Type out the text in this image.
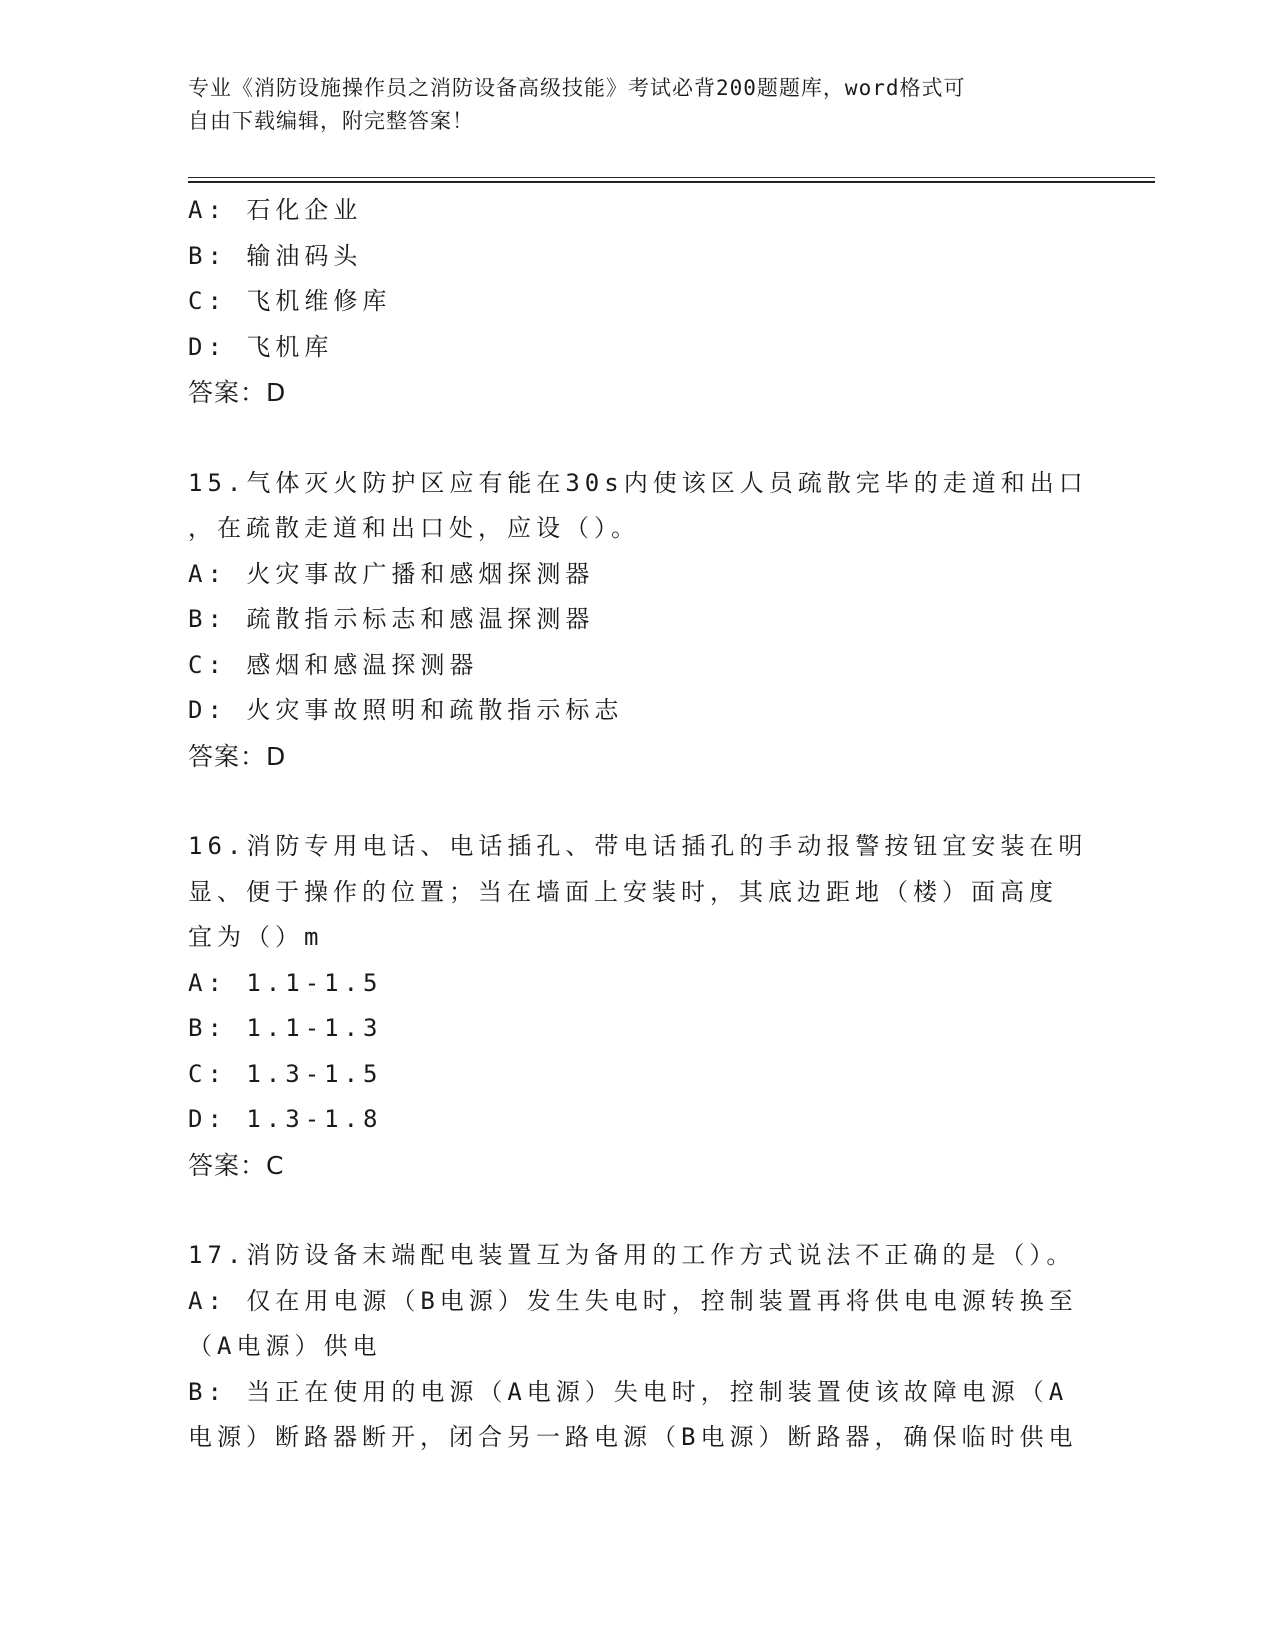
专业《消防设施操作员之消防设备高级技能》考试必背200题题库，word格式可
自由下载编辑，附完整答案！
A: 石化企业
B: 输油码头
C: 飞机维修库
D: 飞机库
答案：D
15.气体灭火防护区应有能在30s内使该区人员疏散完毕的走道和出口
，在疏散走道和出口处，应设（）。
A: 火灾事故广播和感烟探测器
B: 疏散指示标志和感温探测器
C: 感烟和感温探测器
D: 火灾事故照明和疏散指示标志
答案：D
16.消防专用电话、电话插孔、带电话插孔的手动报警按钮宜安装在明
显、便于操作的位置；当在墙面上安装时，其底边距地（楼）面高度
宜为（）m
A: 1.1-1.5
B: 1.1-1.3
C: 1.3-1.5
D: 1.3-1.8
答案：C
17.消防设备末端配电装置互为备用的工作方式说法不正确的是（）。
A: 仅在用电源（B电源）发生失电时，控制装置再将供电电源转换至
（A电源）供电
B: 当正在使用的电源（A电源）失电时，控制装置使该故障电源（A
电源）断路器断开，闭合另一路电源（B电源）断路器，确保临时供电
